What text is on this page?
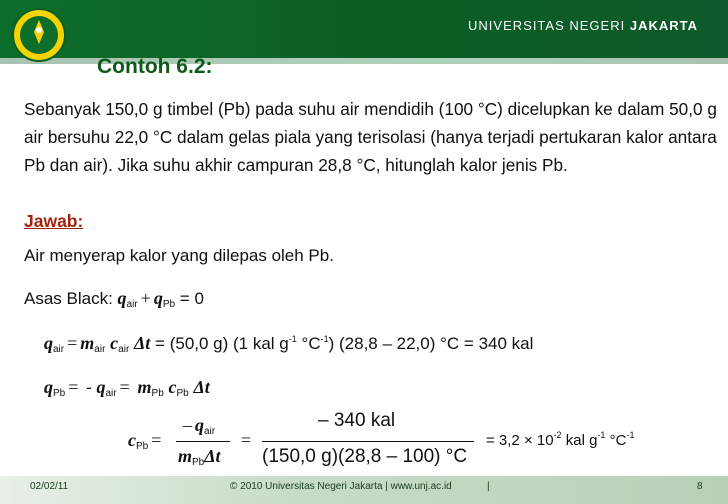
UNIVERSITAS NEGERI JAKARTA
Contoh 6.2:

Sebanyak 150,0 g timbel (Pb) pada suhu air mendidih (100 °C) dicelupkan ke dalam 50,0 g

air bersuhu 22,0 °C dalam gelas piala yang terisolasi (hanya terjadi pertukaran kalor antara

Pb dan air). Jika suhu akhir campuran 28,8 °C, hitunglah kalor jenis Pb.

Jawab:
Air menyerap kalor yang dilepas oleh Pb.
Asas Black: $q_{air} + q_{Pb} = 0$
$q_{air} = m_{air}$ $c_{air}$ Δt = (50,0 g) (1 kal $g^{-1}$ $^\circ C^{-1}$) (28,8 – 22,0) °C = 340 kal
$q_{Pb}$ = - $q_{air} = m_{Pb}$ $c_{Pb}$ Δt
$c_{Pb}$ =
– $q_{air}$
$m_{Pb}\Delta t$
=
– 340 kal
(150,0 g)(28,8 – 100) °C
= $3,2 \times 10^{-2}$ kal $g^{-1}$ $^\circ C^{-1}$
02/02/11	© 2010 Universitas Negeri Jakarta | www.unj.ac.id	|	8
